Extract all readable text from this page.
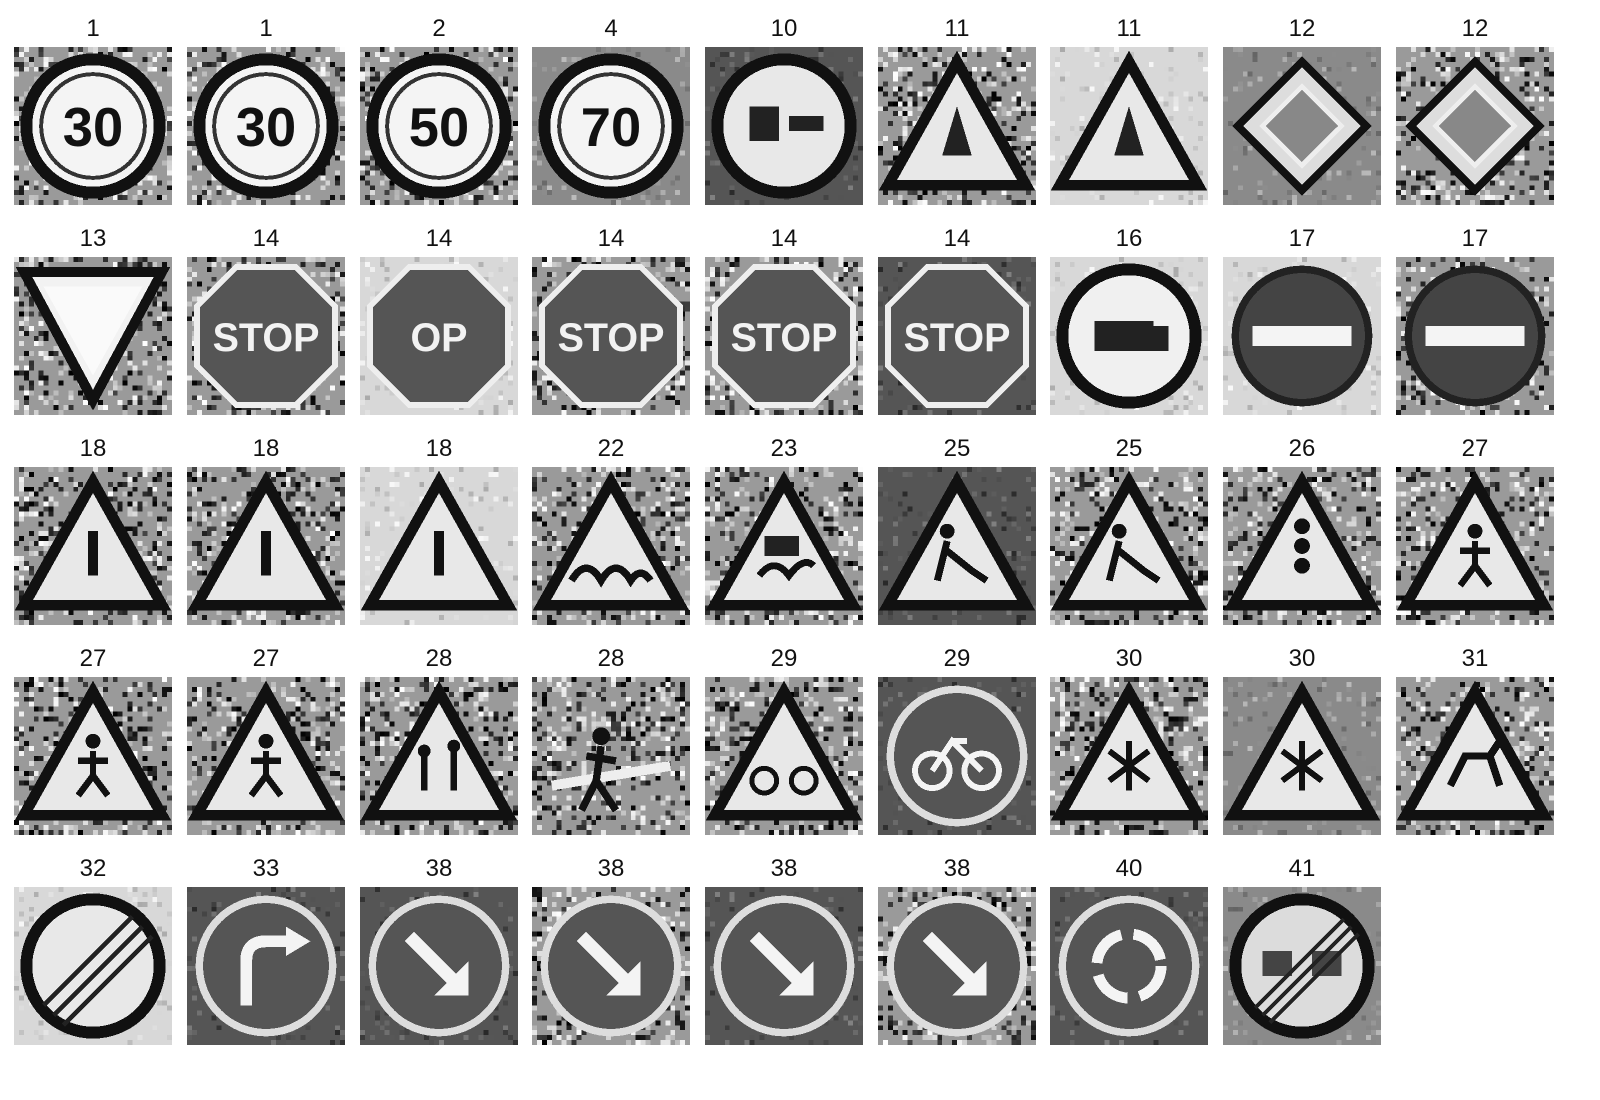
1
30
1
30
2
50
4
70
10	11	11	12	12
13	14
STOP
14
OP
14
STOP
14
STOP
14
STOP
16	17	17
18	18	18	22	23	25	25	26	27
27	27	28	28	29	29	30	30	31
32	33	38	38	38	38	40	41
